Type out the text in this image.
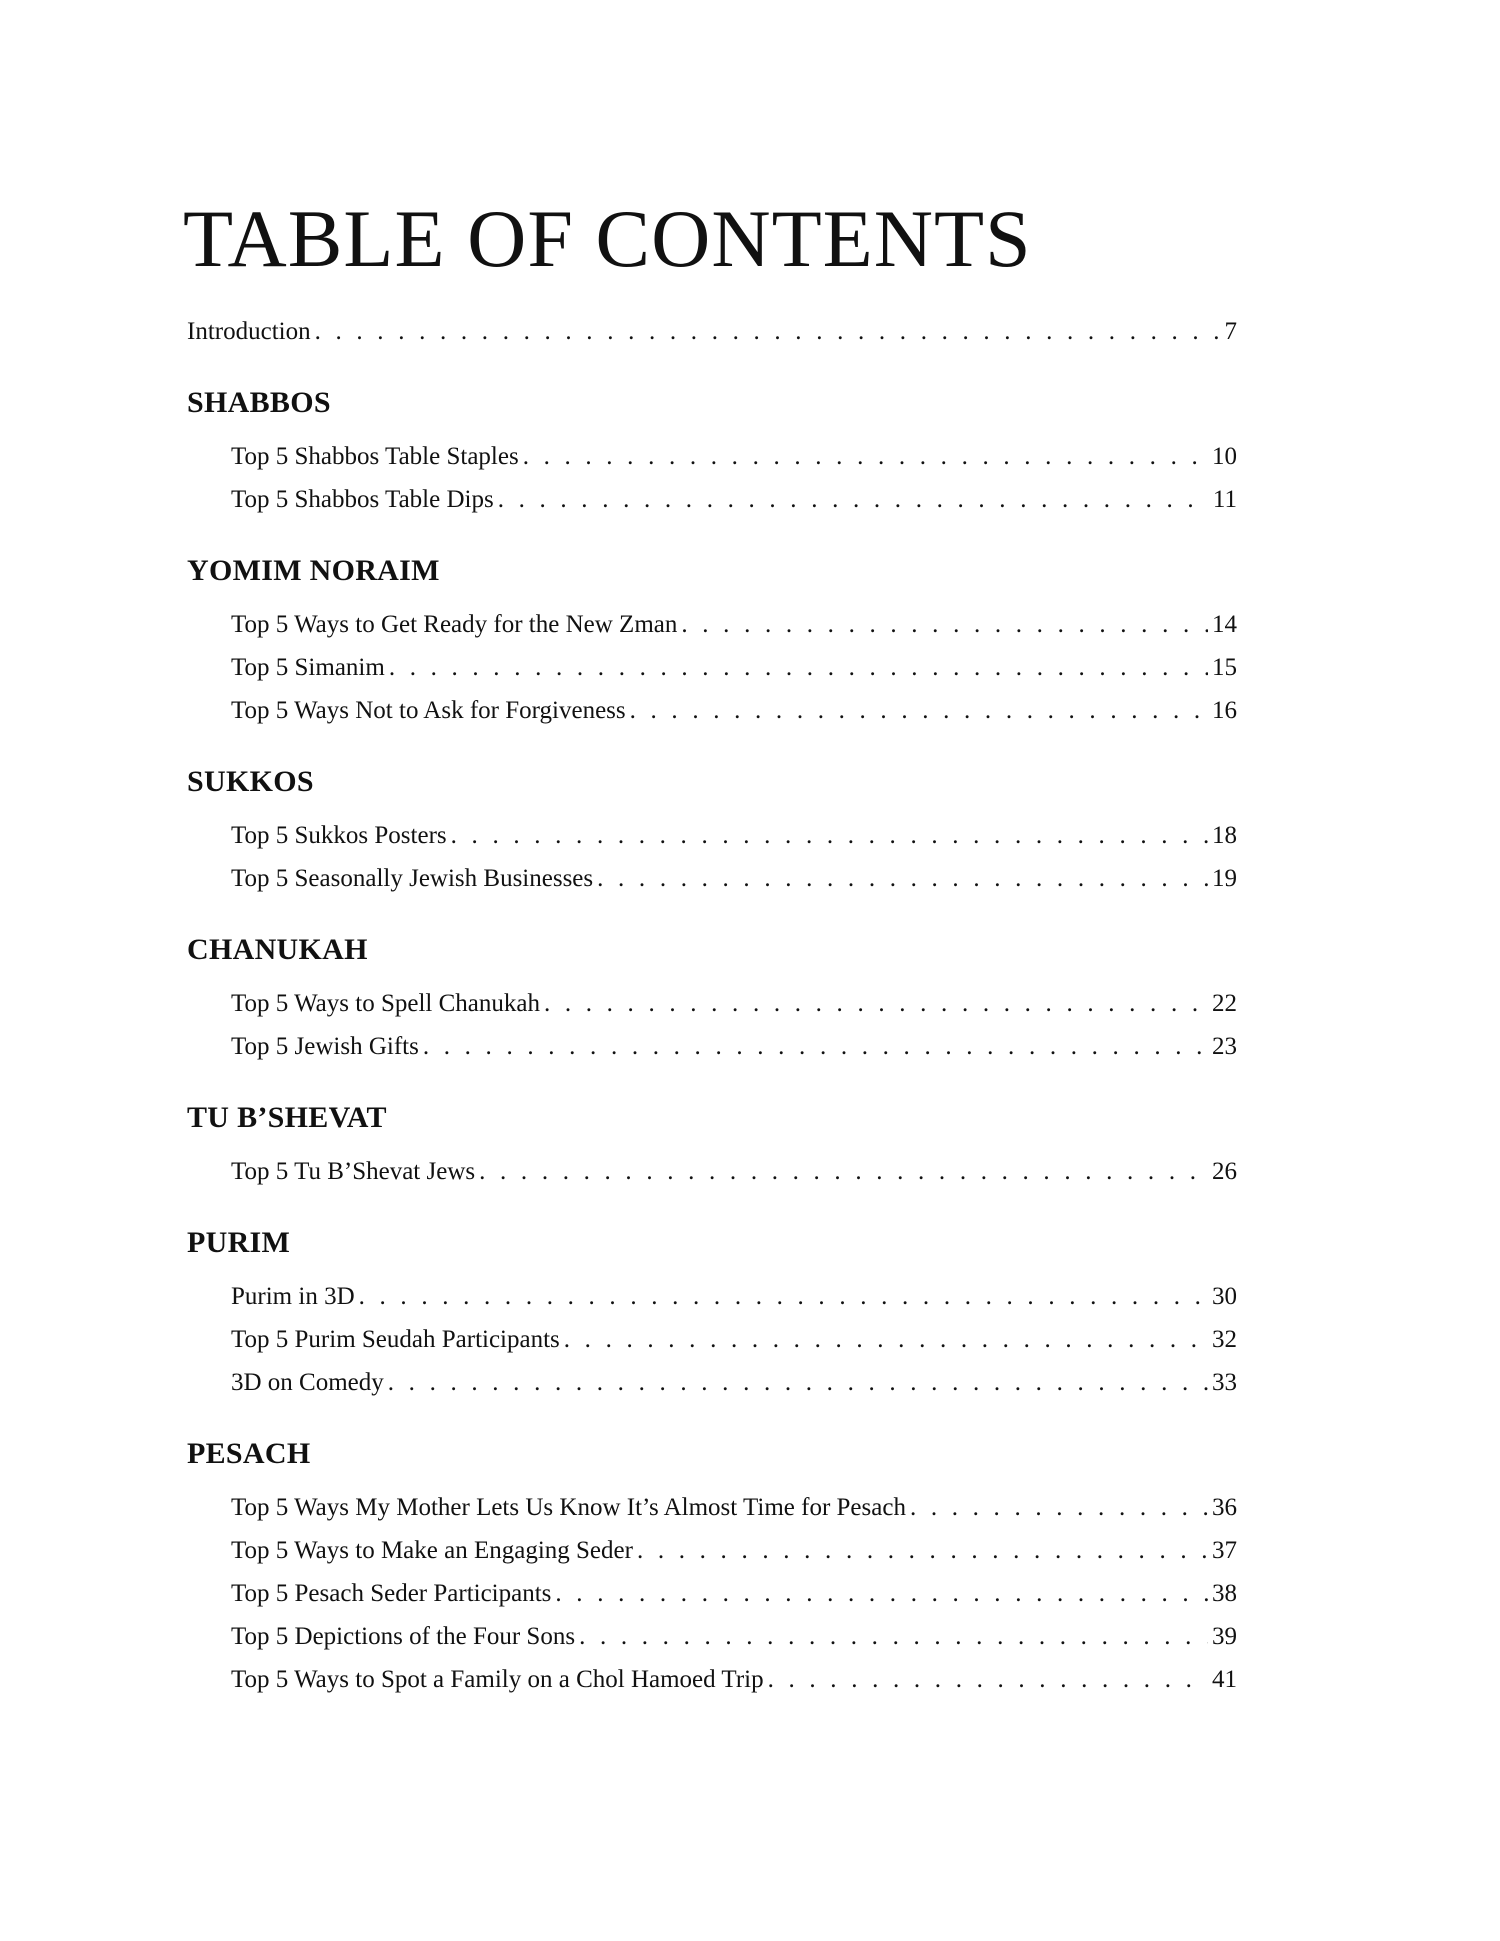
TABLE OF CONTENTS
Introduction . . .	7
SHABBOS
Top 5 Shabbos Table Staples . . .	10
Top 5 Shabbos Table Dips . . .	11
YOMIM NORAIM
Top 5 Ways to Get Ready for the New Zman . . .	14
Top 5 Simanim . . .	15
Top 5 Ways Not to Ask for Forgiveness . . .	16
SUKKOS
Top 5 Sukkos Posters . . .	18
Top 5 Seasonally Jewish Businesses . . .	19
CHANUKAH
Top 5 Ways to Spell Chanukah . . .	22
Top 5 Jewish Gifts . . .	23
TU B’SHEVAT
Top 5 Tu B’Shevat Jews . . .	26
PURIM
Purim in 3D . . .	30
Top 5 Purim Seudah Participants . . .	32
3D on Comedy . . .	33
PESACH
Top 5 Ways My Mother Lets Us Know It’s Almost Time for Pesach . . .	36
Top 5 Ways to Make an Engaging Seder . . .	37
Top 5 Pesach Seder Participants . . .	38
Top 5 Depictions of the Four Sons . . .	39
Top 5 Ways to Spot a Family on a Chol Hamoed Trip . . .	41
